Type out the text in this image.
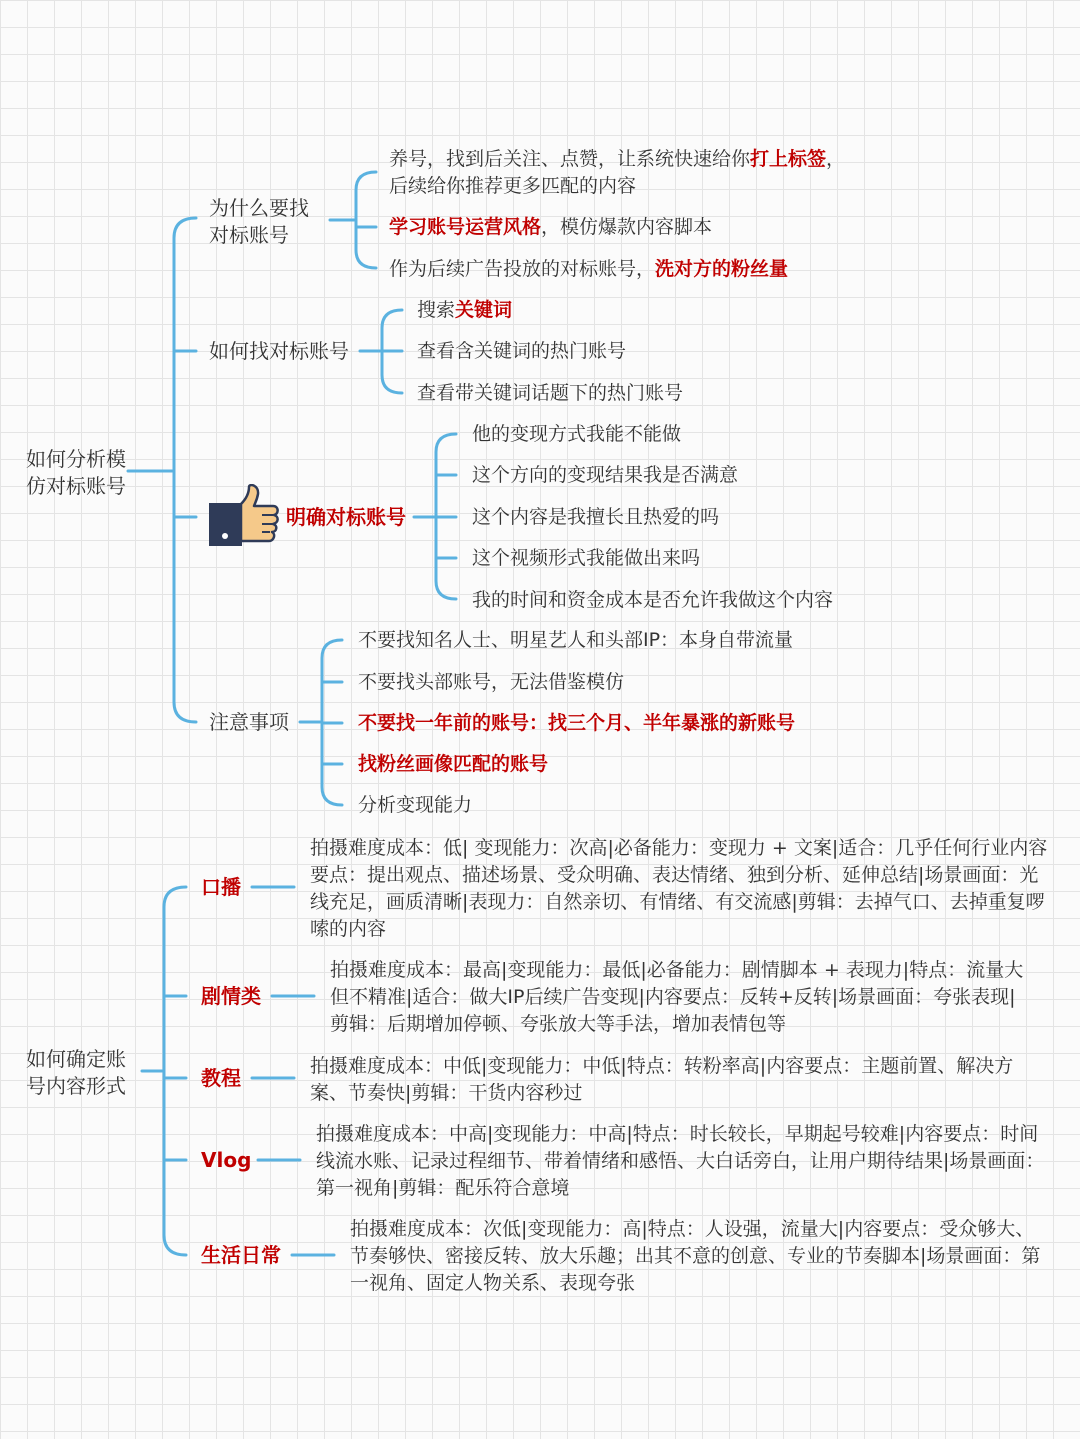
如何分析模仿对标账号
为什么要找对标账号
养号，找到后关注、点赞，让系统快速给你打上标签，
后续给你推荐更多匹配的内容
学习账号运营风格，模仿爆款内容脚本
作为后续广告投放的对标账号，洗对方的粉丝量
如何找对标账号
搜索关键词
查看含关键词的热门账号
查看带关键词话题下的热门账号
明确对标账号
他的变现方式我能不能做
这个方向的变现结果我是否满意
这个内容是我擅长且热爱的吗
这个视频形式我能做出来吗
我的时间和资金成本是否允许我做这个内容
注意事项
不要找知名人士、明星艺人和头部IP：本身自带流量
不要找头部账号，无法借鉴模仿
不要找一年前的账号：找三个月、半年暴涨的新账号
找粉丝画像匹配的账号
分析变现能力
如何确定账号内容形式
口播
拍摄难度成本：低| 变现能力：次高|必备能力：变现力 + 文案|适合：几乎任何行业内容要点：提出观点、描述场景、受众明确、表达情绪、独到分析、延伸总结|场景画面：光线充足，画质清晰|表现力：自然亲切、有情绪、有交流感|剪辑：去掉气口、去掉重复啰嗦的内容
剧情类
拍摄难度成本：最高|变现能力：最低|必备能力：剧情脚本 + 表现力|特点：流量大但不精准|适合：做大IP后续广告变现|内容要点：反转+反转|场景画面：夸张表现|剪辑：后期增加停顿、夸张放大等手法，增加表情包等
教程	拍摄难度成本：中低|变现能力：中低|特点：转粉率高|内容要点：主题前置、解决方案、节奏快|剪辑：干货内容秒过
Vlog
拍摄难度成本：中高|变现能力：中高|特点：时长较长，早期起号较难|内容要点：时间线流水账、记录过程细节、带着情绪和感悟、大白话旁白，让用户期待结果|场景画面：第一视角|剪辑：配乐符合意境
生活日常
拍摄难度成本：次低|变现能力：高|特点：人设强，流量大|内容要点：受众够大、节奏够快、密接反转、放大乐趣；出其不意的创意、专业的节奏脚本|场景画面：第一视角、固定人物关系、表现夸张
